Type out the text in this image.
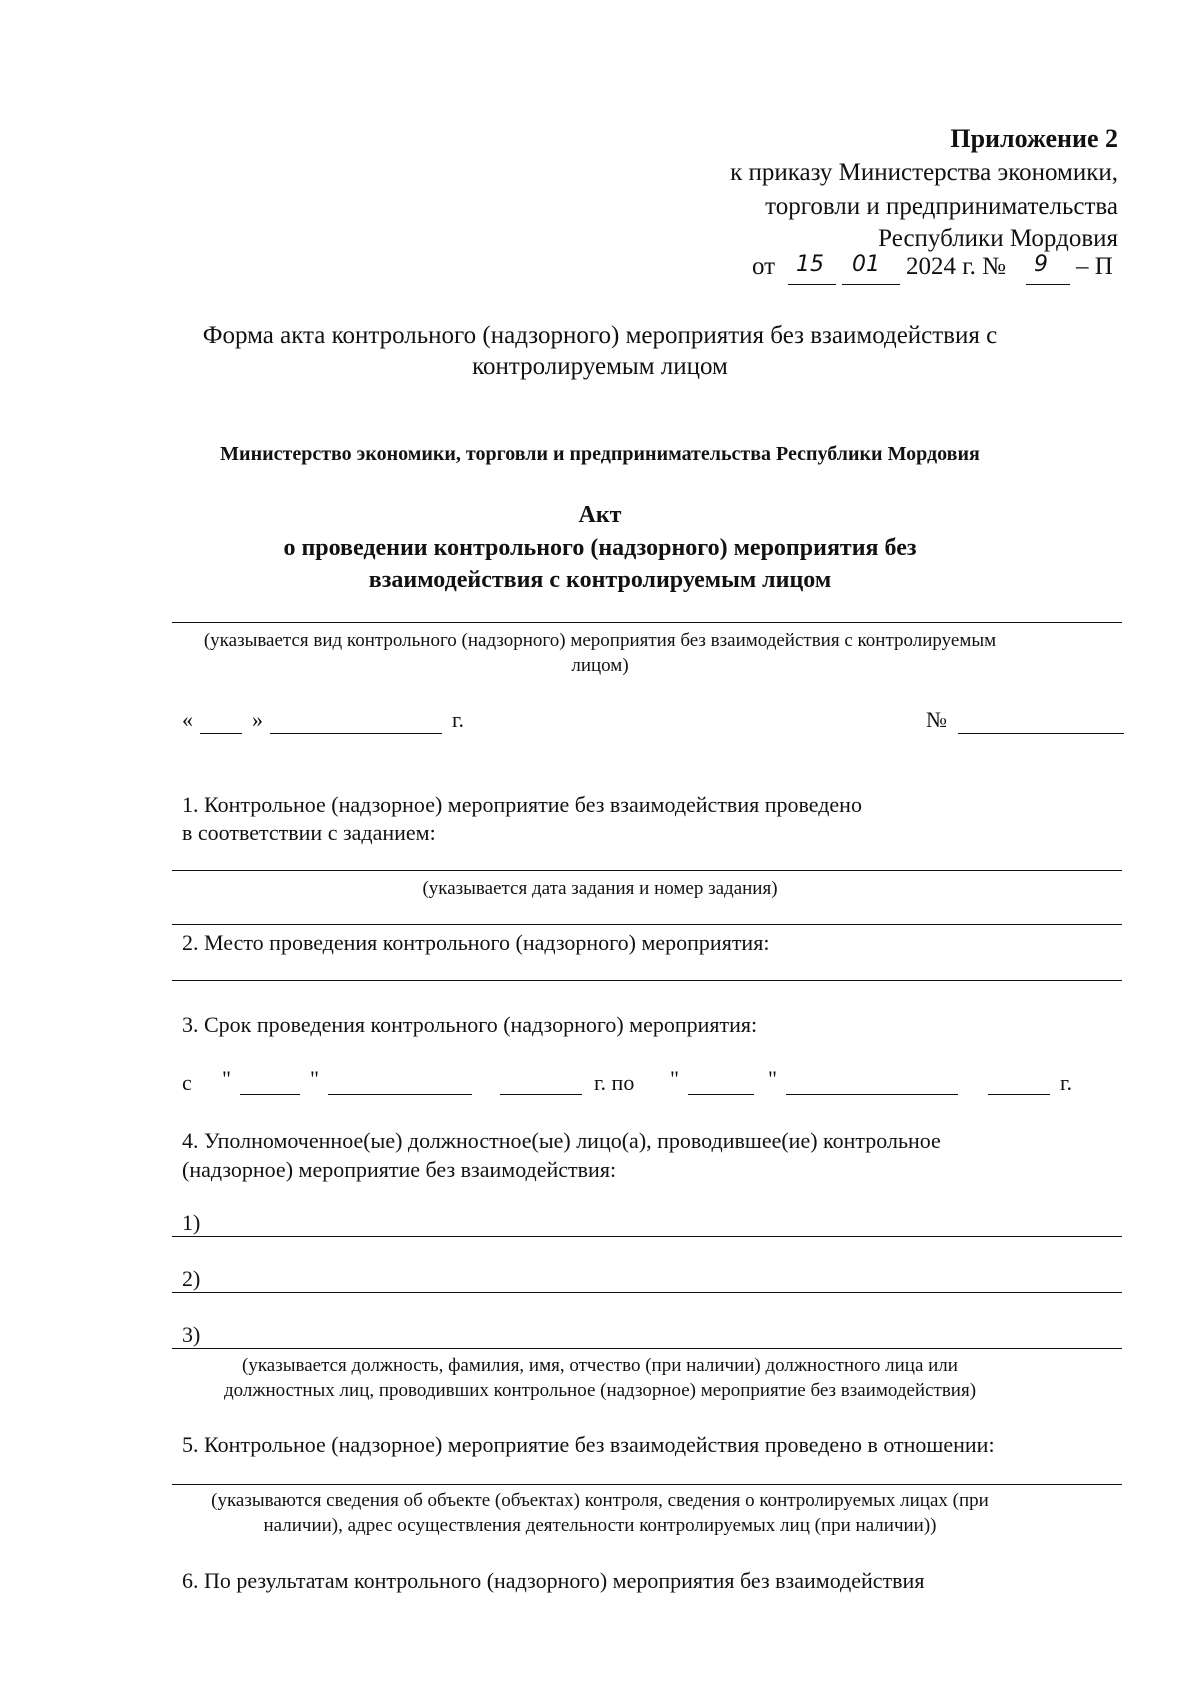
Приложение 2
к приказу Министерства экономики,
торговли и предпринимательства
Республики Мордовия
от 15 01 2024 г. № 9 – П
Форма акта контрольного (надзорного) мероприятия без взаимодействия с
контролируемым лицом
Министерство экономики, торговли и предпринимательства Республики Мордовия
Акт
о проведении контрольного (надзорного) мероприятия без
взаимодействия с контролируемым лицом
(указывается вид контрольного (надзорного) мероприятия без взаимодействия с контролируемым
лицом)
«	»	г.	№
1. Контрольное (надзорное) мероприятие без взаимодействия проведено
в соответствии с заданием:
(указывается дата задания и номер задания)
2. Место проведения контрольного (надзорного) мероприятия:
3. Срок проведения контрольного (надзорного) мероприятия:
с "	"	г. по "	"	г.
4. Уполномоченное(ые) должностное(ые) лицо(а), проводившее(ие) контрольное
(надзорное) мероприятие без взаимодействия:
1)
2)
3)
(указывается должность, фамилия, имя, отчество (при наличии) должностного лица или
должностных лиц, проводивших контрольное (надзорное) мероприятие без взаимодействия)
5. Контрольное (надзорное) мероприятие без взаимодействия проведено в отношении:
(указываются сведения об объекте (объектах) контроля, сведения о контролируемых лицах (при
наличии), адрес осуществления деятельности контролируемых лиц (при наличии))
6. По результатам контрольного (надзорного) мероприятия без взаимодействия
